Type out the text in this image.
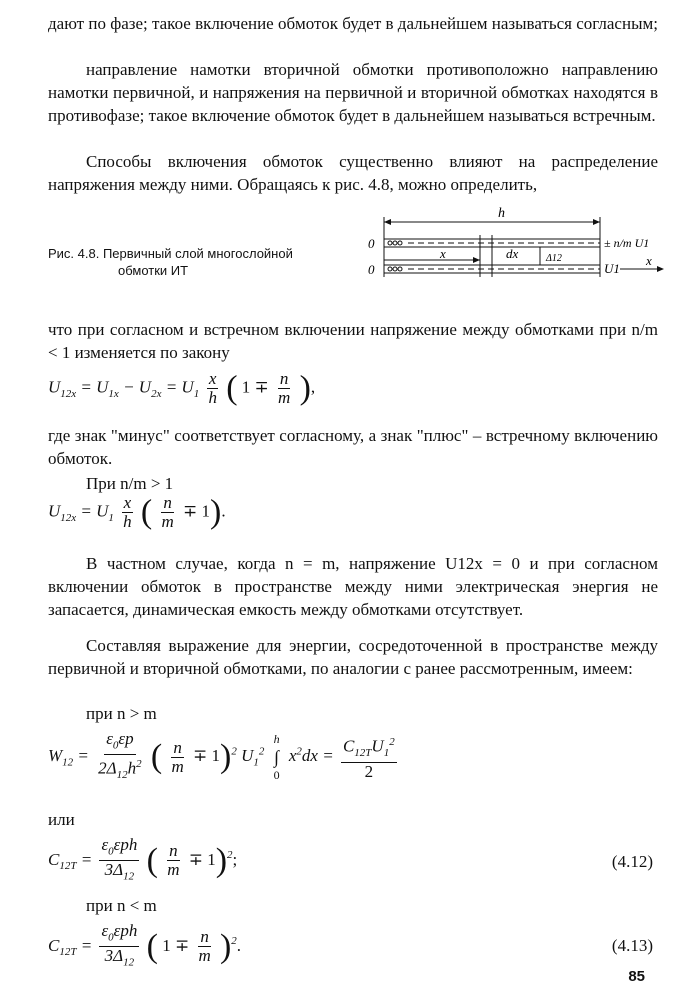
дают по фазе; такое включение обмоток будет в дальнейшем называться согласным;
направление намотки вторичной обмотки противоположно направлению намотки первичной, и напряжения на первичной и вторичной обмотках находятся в противофазе; такое включение обмоток будет в дальнейшем называться встречным.
Способы включения обмоток существенно влияют на распределение напряжения между ними. Обращаясь к рис. 4.8, можно определить,
Рис. 4.8. Первичный слой многослойной
обмотки ИТ
h
0
0
x	dx	Δ12
± n/m U1
U1
x
что при согласном и встречном включении напряжение между обмотками при n/m < 1 изменяется по закону
$U_{12x} = U_{1x} - U_{2x} = U_1 \frac{x}{h}$ ( $1 \mp \frac{n}{m}$ ),
где знак "минус" соответствует согласному, а знак "плюс" – встречному включению обмоток.
При n/m > 1
$U_{12x} = U_1 \frac{x}{h}$ ( $\frac{n}{m} \mp 1$).
В частном случае, когда n = m, напряжение U12x = 0 и при согласном включении обмоток в пространстве между ними электрическая энергия не запасается, динамическая емкость между обмотками отсутствует.
Составляя выражение для энергии, сосредоточенной в пространстве между первичной и вторичной обмотками, по аналогии с ранее рассмотренным, имеем:
при n > m
$W_{12} = \frac{\varepsilon_0\varepsilon p}{2\Delta_{12}h^2}$ ( $\frac{n}{m} \mp 1)^2$ $U_1^2$
h
∫
0
$x^2dx = \frac{C_{12T}U_1^2}{2}$
или
$C_{12T}$ =
$\varepsilon_0\varepsilon ph$
$3\Delta_{12}$ ( $\frac{n}{m} \mp 1)^2$;	(4.12)
при n < m
$C_{12T}$ =
$\varepsilon_0\varepsilon ph$
$3\Delta_{12}$ ( $1 \mp \frac{n}{m} )^2$.	(4.13)
85
